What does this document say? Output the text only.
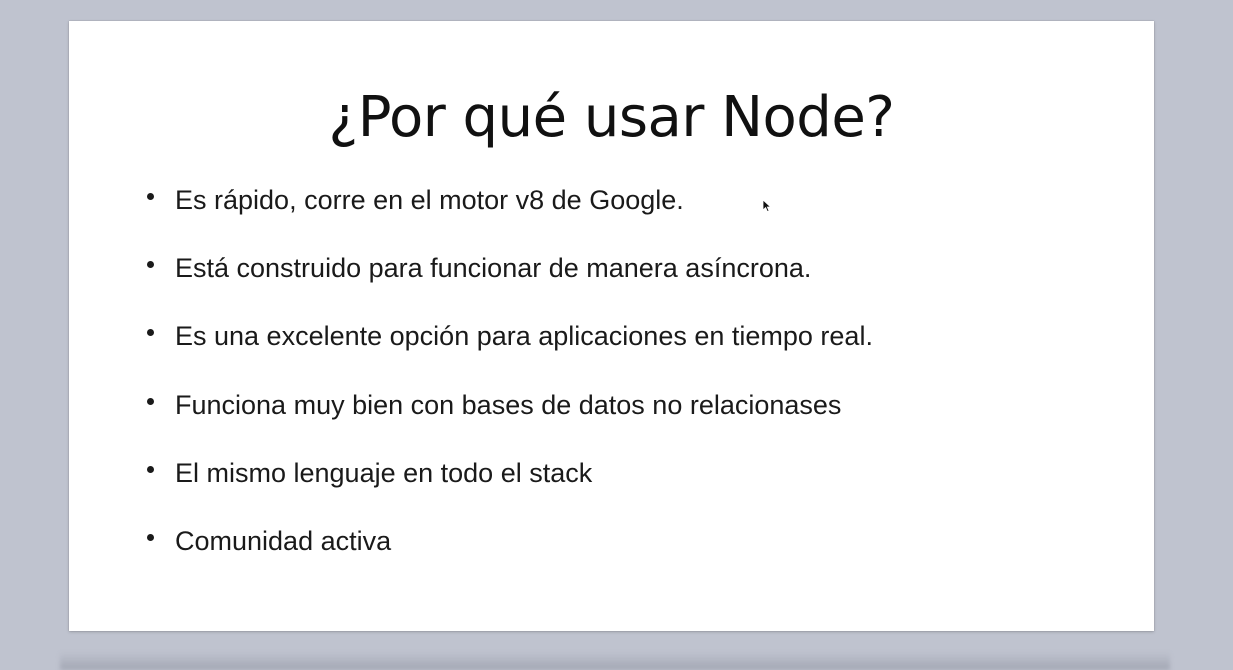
¿Por qué usar Node?
Es rápido, corre en el motor v8 de Google.
Está construido para funcionar de manera asíncrona.
Es una excelente opción para aplicaciones en tiempo real.
Funciona muy bien con bases de datos no relacionases
El mismo lenguaje en todo el stack
Comunidad activa
